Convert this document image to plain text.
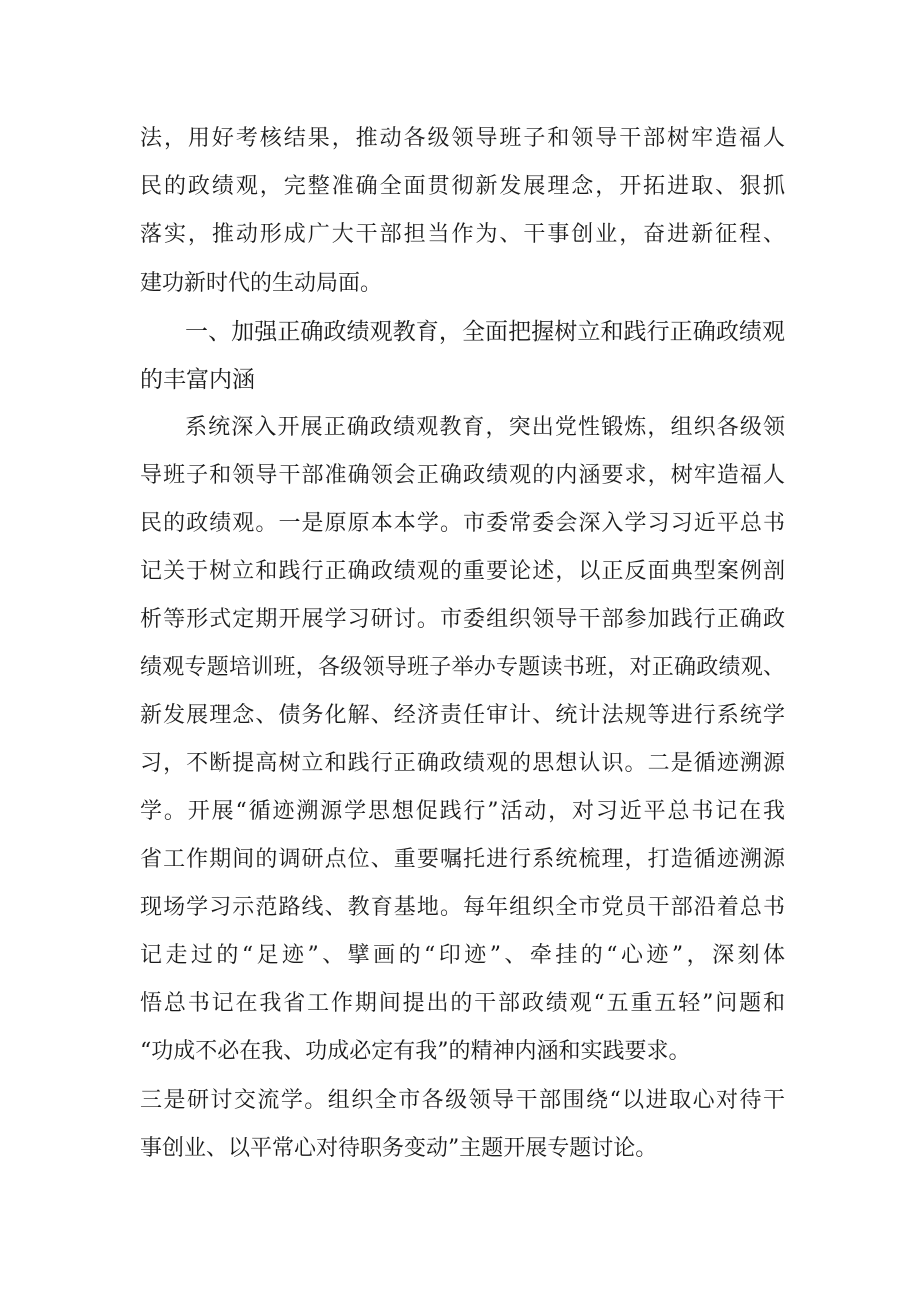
法，用好考核结果，推动各级领导班子和领导干部树牢造福人
民的政绩观，完整准确全面贯彻新发展理念，开拓进取、狠抓
落实，推动形成广大干部担当作为、干事创业，奋进新征程、
建功新时代的生动局面。
一、加强正确政绩观教育，全面把握树立和践行正确政绩观
的丰富内涵
系统深入开展正确政绩观教育，突出党性锻炼，组织各级领
导班子和领导干部准确领会正确政绩观的内涵要求，树牢造福人
民的政绩观。一是原原本本学。市委常委会深入学习习近平总书
记关于树立和践行正确政绩观的重要论述，以正反面典型案例剖
析等形式定期开展学习研讨。市委组织领导干部参加践行正确政
绩观专题培训班，各级领导班子举办专题读书班，对正确政绩观、
新发展理念、债务化解、经济责任审计、统计法规等进行系统学
习，不断提高树立和践行正确政绩观的思想认识。二是循迹溯源
学。开展“循迹溯源学思想促践行”活动，对习近平总书记在我
省工作期间的调研点位、重要嘱托进行系统梳理，打造循迹溯源
现场学习示范路线、教育基地。每年组织全市党员干部沿着总书
记走过的“足迹”、擘画的“印迹”、牵挂的“心迹”，深刻体
悟总书记在我省工作期间提出的干部政绩观“五重五轻”问题和
“功成不必在我、功成必定有我”的精神内涵和实践要求。
三是研讨交流学。组织全市各级领导干部围绕“以进取心对待干
事创业、以平常心对待职务变动”主题开展专题讨论。
